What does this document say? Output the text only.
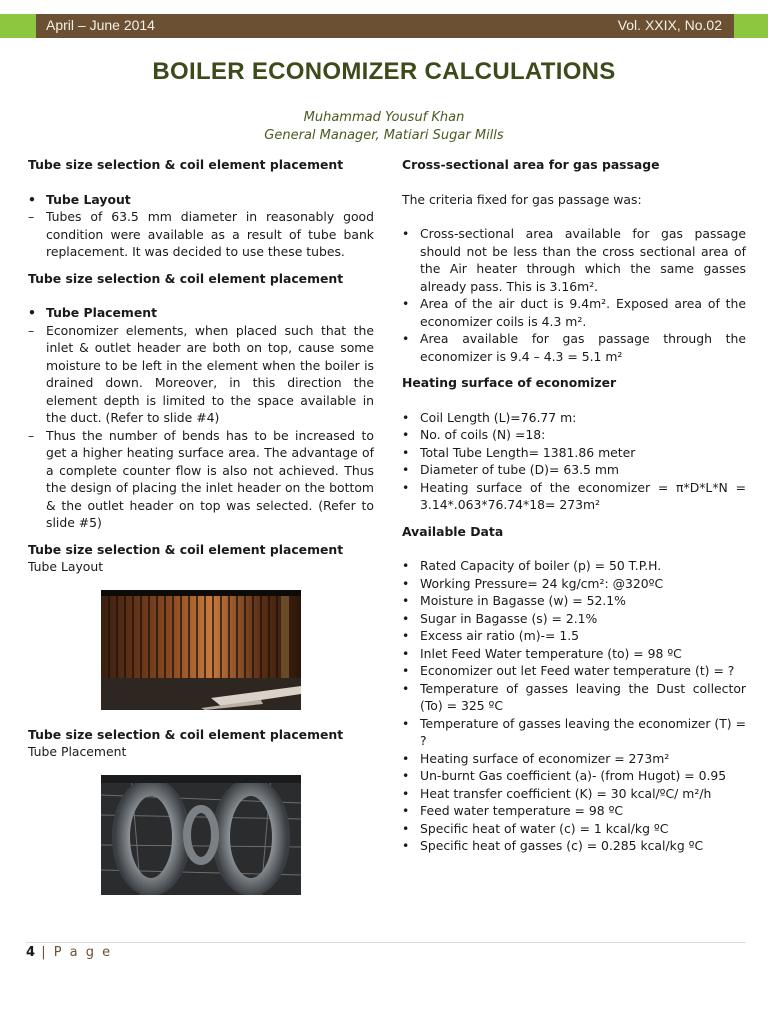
April – June 2014	Vol. XXIX, No.02
BOILER ECONOMIZER CALCULATIONS
Muhammad Yousuf Khan
General Manager, Matiari Sugar Mills

Tube size selection & coil element placement

• Tube Layout
– Tubes of 63.5 mm diameter in reasonably good condition were available as a result of tube bank replacement. It was decided to use these tubes.

Tube size selection & coil element placement

• Tube Placement
– Economizer elements, when placed such that the inlet & outlet header are both on top, cause some moisture to be left in the element when the boiler is drained down. Moreover, in this direction the element depth is limited to the space available in the duct. (Refer to slide #4)
– Thus the number of bends has to be increased to get a higher heating surface area. The advantage of a complete counter flow is also not achieved. Thus the design of placing the inlet header on the bottom & the outlet header on top was selected. (Refer to slide #5)

Tube size selection & coil element placement

Tube Layout

Tube size selection & coil element placement

Tube Placement

Cross-sectional area for gas passage

The criteria fixed for gas passage was:

• Cross-sectional area available for gas passage should not be less than the cross sectional area of the Air heater through which the same gasses already pass. This is 3.16m².
• Area of the air duct is 9.4m². Exposed area of the economizer coils is 4.3 m².
• Area available for gas passage through the economizer is 9.4 – 4.3 = 5.1 m²

Heating surface of economizer

• Coil Length (L)=76.77 m:
• No. of coils (N) =18:
• Total Tube Length= 1381.86 meter
• Diameter of tube (D)= 63.5 mm
• Heating surface of the economizer = π*D*L*N = 3.14*.063*76.74*18= 273m²

Available Data

• Rated Capacity of boiler (p) = 50 T.P.H.
• Working Pressure= 24 kg/cm²: @320ºC
• Moisture in Bagasse (w) = 52.1%
• Sugar in Bagasse (s) = 2.1%
• Excess air ratio (m)-= 1.5
• Inlet Feed Water temperature (to) = 98 ºC
• Economizer out let Feed water temperature (t) = ?
• Temperature of gasses leaving the Dust collector (To) = 325 ºC
• Temperature of gasses leaving the economizer (T) = ?
• Heating surface of economizer = 273m²
• Un-burnt Gas coefficient (a)- (from Hugot) = 0.95
• Heat transfer coefficient (K) = 30 kcal/ºC/ m²/h
• Feed water temperature = 98 ºC
• Specific heat of water (c) = 1 kcal/kg ºC
• Specific heat of gasses (c) = 0.285 kcal/kg ºC
4 | P a g e
